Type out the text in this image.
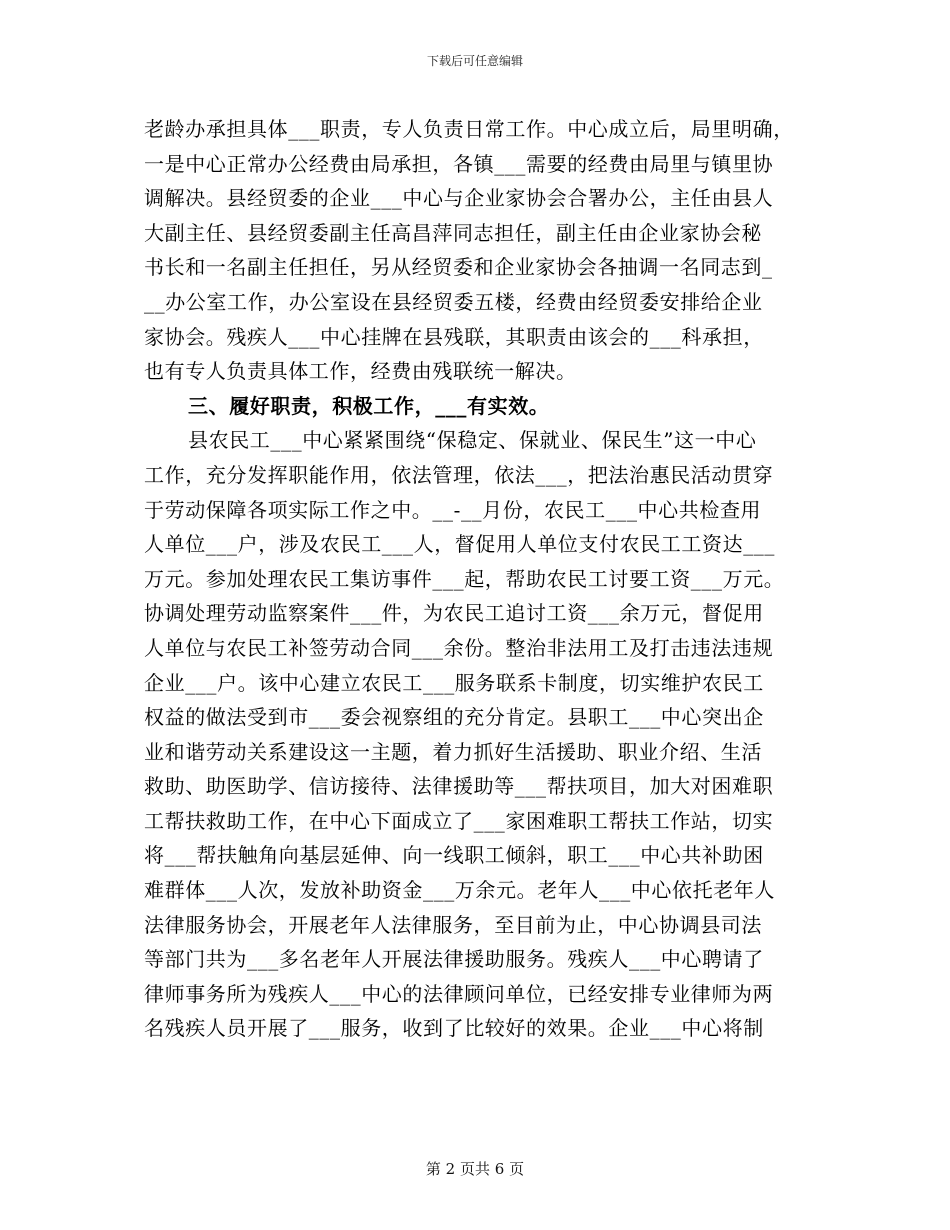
下载后可任意编辑
老龄办承担具体___职责，专人负责日常工作。中心成立后，局里明确，
一是中心正常办公经费由局承担，各镇___需要的经费由局里与镇里协
调解决。县经贸委的企业___中心与企业家协会合署办公，主任由县人
大副主任、县经贸委副主任高昌萍同志担任，副主任由企业家协会秘
书长和一名副主任担任，另从经贸委和企业家协会各抽调一名同志到_
__办公室工作，办公室设在县经贸委五楼，经费由经贸委安排给企业
家协会。残疾人___中心挂牌在县残联，其职责由该会的___科承担，
也有专人负责具体工作，经费由残联统一解决。
三、履好职责，积极工作，___有实效。
县农民工___中心紧紧围绕“保稳定、保就业、保民生”这一中心
工作，充分发挥职能作用，依法管理，依法___，把法治惠民活动贯穿
于劳动保障各项实际工作之中。__-__月份，农民工___中心共检查用
人单位___户，涉及农民工___人，督促用人单位支付农民工工资达___
万元。参加处理农民工集访事件___起，帮助农民工讨要工资___万元。
协调处理劳动监察案件___件，为农民工追讨工资___余万元，督促用
人单位与农民工补签劳动合同___余份。整治非法用工及打击违法违规
企业___户。该中心建立农民工___服务联系卡制度，切实维护农民工
权益的做法受到市___委会视察组的充分肯定。县职工___中心突出企
业和谐劳动关系建设这一主题，着力抓好生活援助、职业介绍、生活
救助、助医助学、信访接待、法律援助等___帮扶项目，加大对困难职
工帮扶救助工作，在中心下面成立了___家困难职工帮扶工作站，切实
将___帮扶触角向基层延伸、向一线职工倾斜，职工___中心共补助困
难群体___人次，发放补助资金___万余元。老年人___中心依托老年人
法律服务协会，开展老年人法律服务，至目前为止，中心协调县司法
等部门共为___多名老年人开展法律援助服务。残疾人___中心聘请了
律师事务所为残疾人___中心的法律顾问单位，已经安排专业律师为两
名残疾人员开展了___服务，收到了比较好的效果。企业___中心将制
第 2 页共 6 页
